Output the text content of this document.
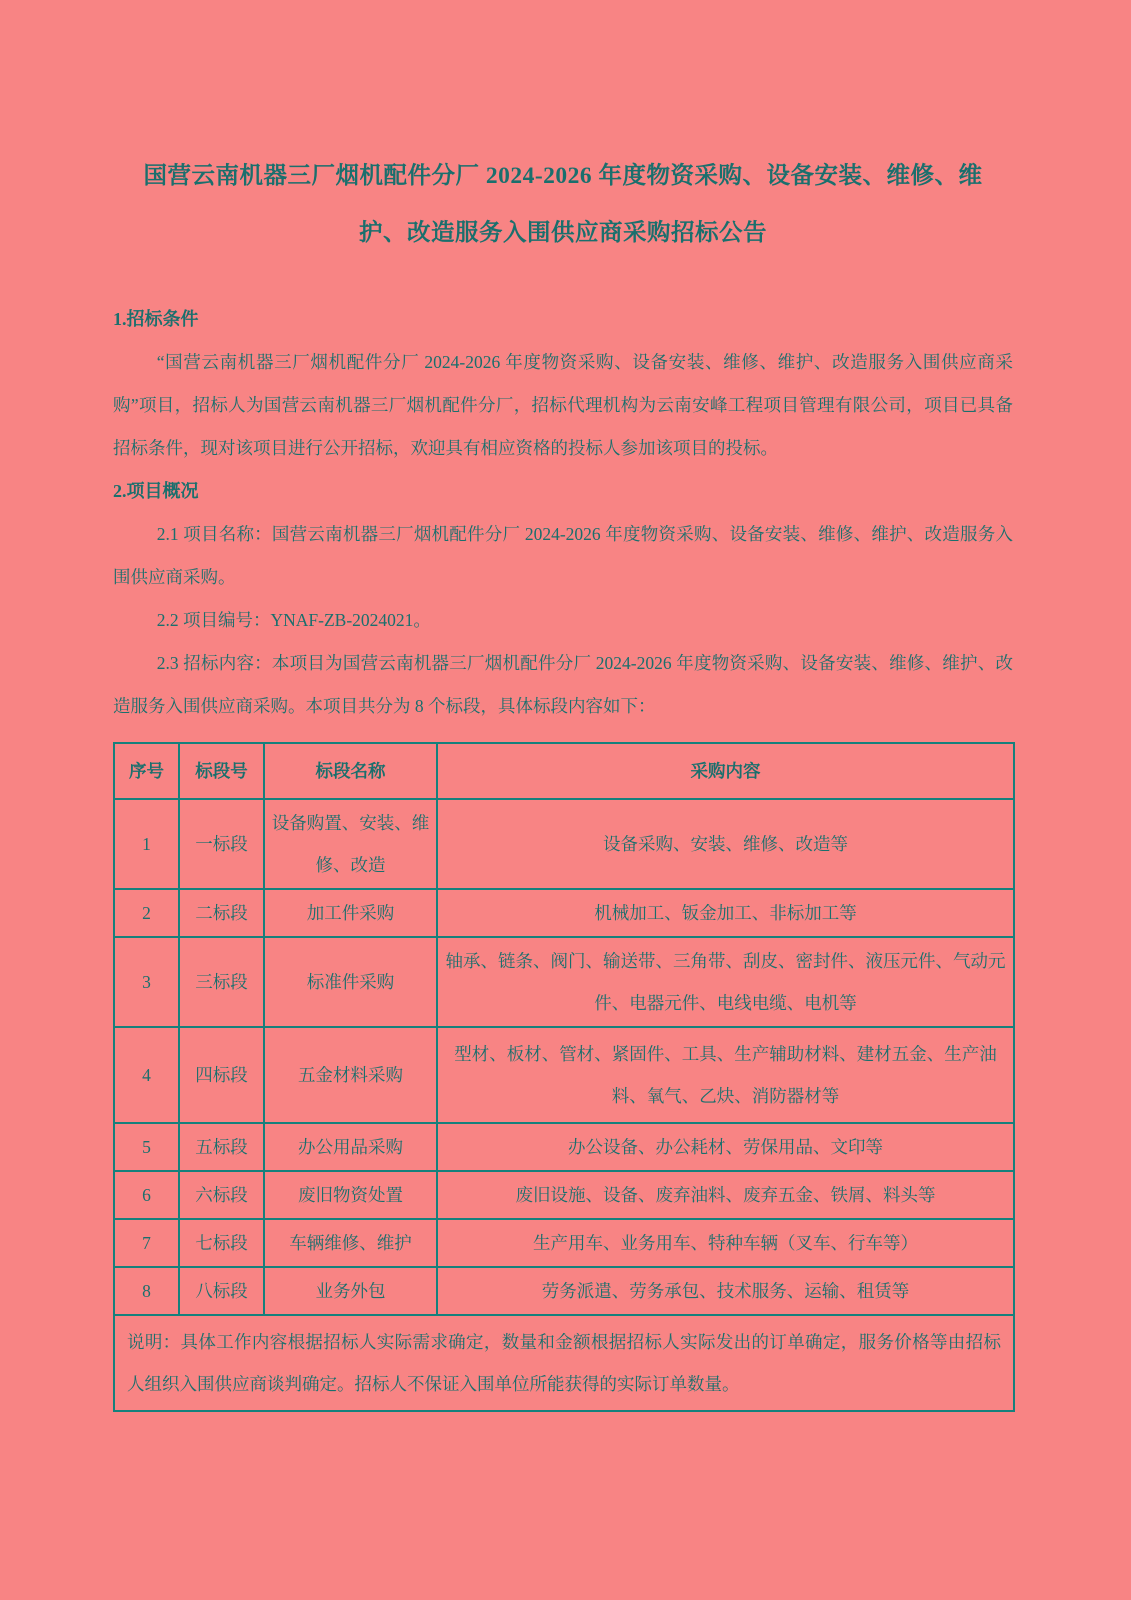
国营云南机器三厂烟机配件分厂 2024-2026 年度物资采购、设备安装、维修、维护、改造服务入围供应商采购招标公告
1.招标条件

“国营云南机器三厂烟机配件分厂 2024-2026 年度物资采购、设备安装、维修、维护、改造服务入围供应商采购”项目，招标人为国营云南机器三厂烟机配件分厂，招标代理机构为云南安峰工程项目管理有限公司，项目已具备招标条件，现对该项目进行公开招标，欢迎具有相应资格的投标人参加该项目的投标。

2.项目概况

2.1 项目名称：国营云南机器三厂烟机配件分厂 2024-2026 年度物资采购、设备安装、维修、维护、改造服务入围供应商采购。

2.2 项目编号：YNAF-ZB-2024021。

2.3 招标内容：本项目为国营云南机器三厂烟机配件分厂 2024-2026 年度物资采购、设备安装、维修、维护、改造服务入围供应商采购。本项目共分为 8 个标段，具体标段内容如下：

序号	标段号	标段名称	采购内容
1	一标段	设备购置、安装、维修、改造	设备采购、安装、维修、改造等
2	二标段	加工件采购	机械加工、钣金加工、非标加工等
3	三标段	标准件采购	轴承、链条、阀门、输送带、三角带、刮皮、密封件、液压元件、气动元件、电器元件、电线电缆、电机等
4	四标段	五金材料采购	型材、板材、管材、紧固件、工具、生产辅助材料、建材五金、生产油料、氧气、乙炔、消防器材等
5	五标段	办公用品采购	办公设备、办公耗材、劳保用品、文印等
6	六标段	废旧物资处置	废旧设施、设备、废弃油料、废弃五金、铁屑、料头等
7	七标段	车辆维修、维护	生产用车、业务用车、特种车辆（叉车、行车等）
8	八标段	业务外包	劳务派遣、劳务承包、技术服务、运输、租赁等
说明：具体工作内容根据招标人实际需求确定，数量和金额根据招标人实际发出的订单确定，服务价格等由招标人组织入围供应商谈判确定。招标人不保证入围单位所能获得的实际订单数量。			
